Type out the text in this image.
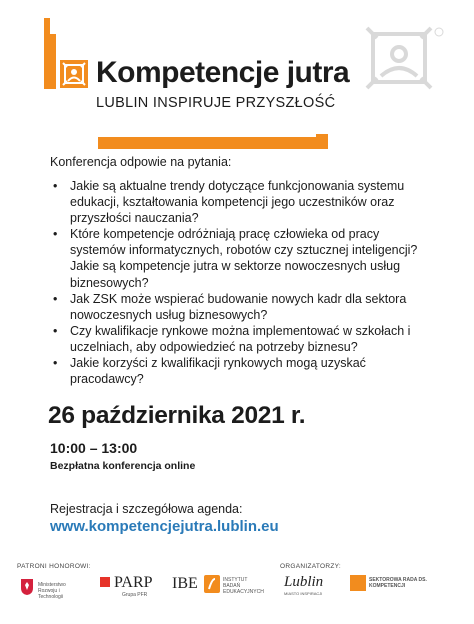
Kompetencje jutra
LUBLIN INSPIRUJE PRZYSZŁOŚĆ
Konferencja odpowie na pytania:
• Jakie są aktualne trendy dotyczące funkcjonowania systemu edukacji, kształtowania kompetencji jego uczestników oraz przyszłości nauczania?
• Które kompetencje odróżniają pracę człowieka od pracy systemów informatycznych, robotów czy sztucznej inteligencji? Jakie są kompetencje jutra w sektorze nowoczesnych usług biznesowych?
• Jak ZSK może wspierać budowanie nowych kadr dla sektora nowoczesnych usług biznesowych?
• Czy kwalifikacje rynkowe można implementować w szkołach i uczelniach, aby odpowiedzieć na potrzeby biznesu?
• Jakie korzyści z kwalifikacji rynkowych mogą uzyskać pracodawcy?
26 października 2021 r.
10:00 – 13:00
Bezpłatna konferencja online
Rejestracja i szczegółowa agenda:
www.kompetencjejutra.lublin.eu
PATRONI HONOROWI:	ORGANIZATORZY:
Ministerstwo Rozwoju i Technologii
PARP
Grupa PFR
IBE	INSTYTUT BADAŃ EDUKACYJNYCH
Lublin
MIASTO INSPIRACJI
SEKTOROWA RADA DS. KOMPETENCJI
